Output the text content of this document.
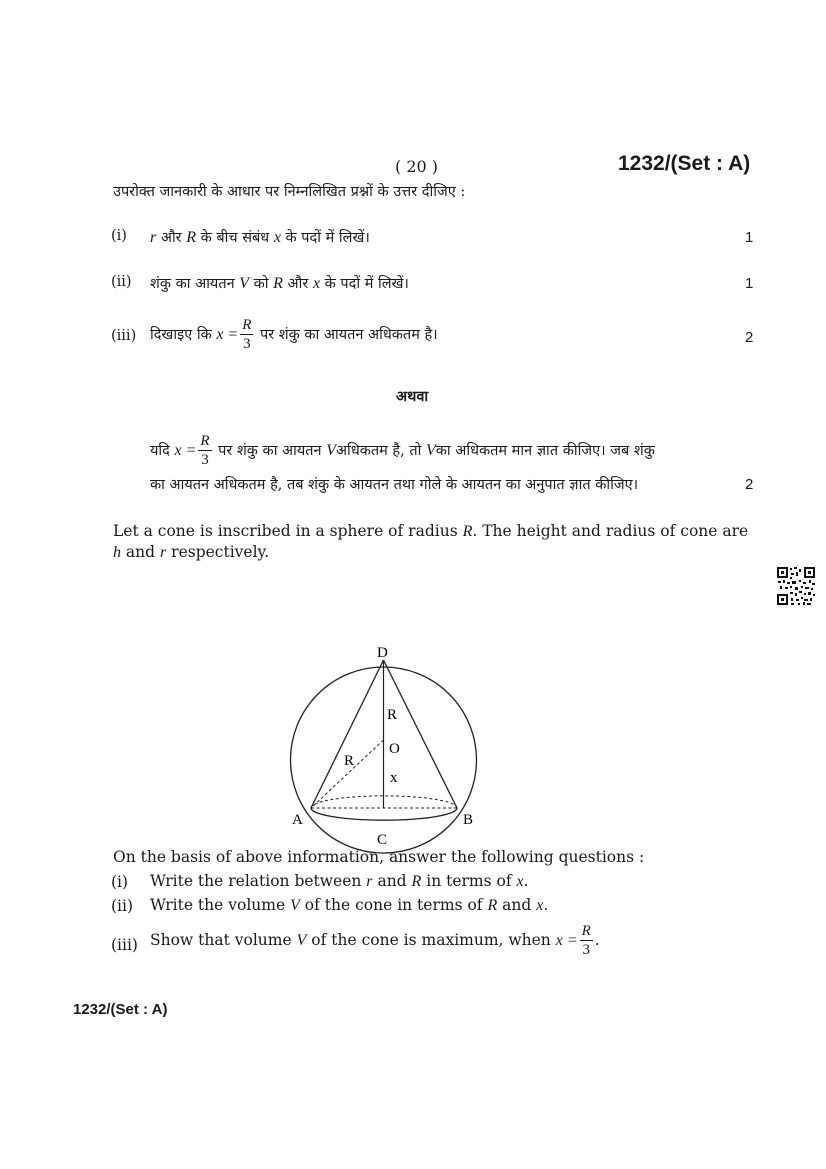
( 20 )	1232/(Set : A)
उपरोक्त जानकारी के आधार पर निम्नलिखित प्रश्नों के उत्तर दीजिए :
(i) r और R के बीच संबंध x के पदों में लिखें।	1
(ii) शंकु का आयतन V को R और x के पदों में लिखें।	1
(iii) दिखाइए कि $x = \frac{R}{3}$ पर शंकु का आयतन अधिकतम है।	2
अथवा
यदि $x = \frac{R}{3}$ पर शंकु का आयतन Vअधिकतम है, तो Vका अधिकतम मान ज्ञात कीजिए। जब शंकु
का आयतन अधिकतम है, तब शंकु के आयतन तथा गोले के आयतन का अनुपात ज्ञात कीजिए।	2
Let a cone is inscribed in a sphere of radius R. The height and radius of cone are
h and r respectively.
D
A	B
C
O
R
R
x
On the basis of above information, answer the following questions :
(i) Write the relation between r and R in terms of x.
(ii) Write the volume V of the cone in terms of R and x.
(iii) Show that volume V of the cone is maximum, when $x = \frac{R}{3}$ .
1232/(Set : A)
